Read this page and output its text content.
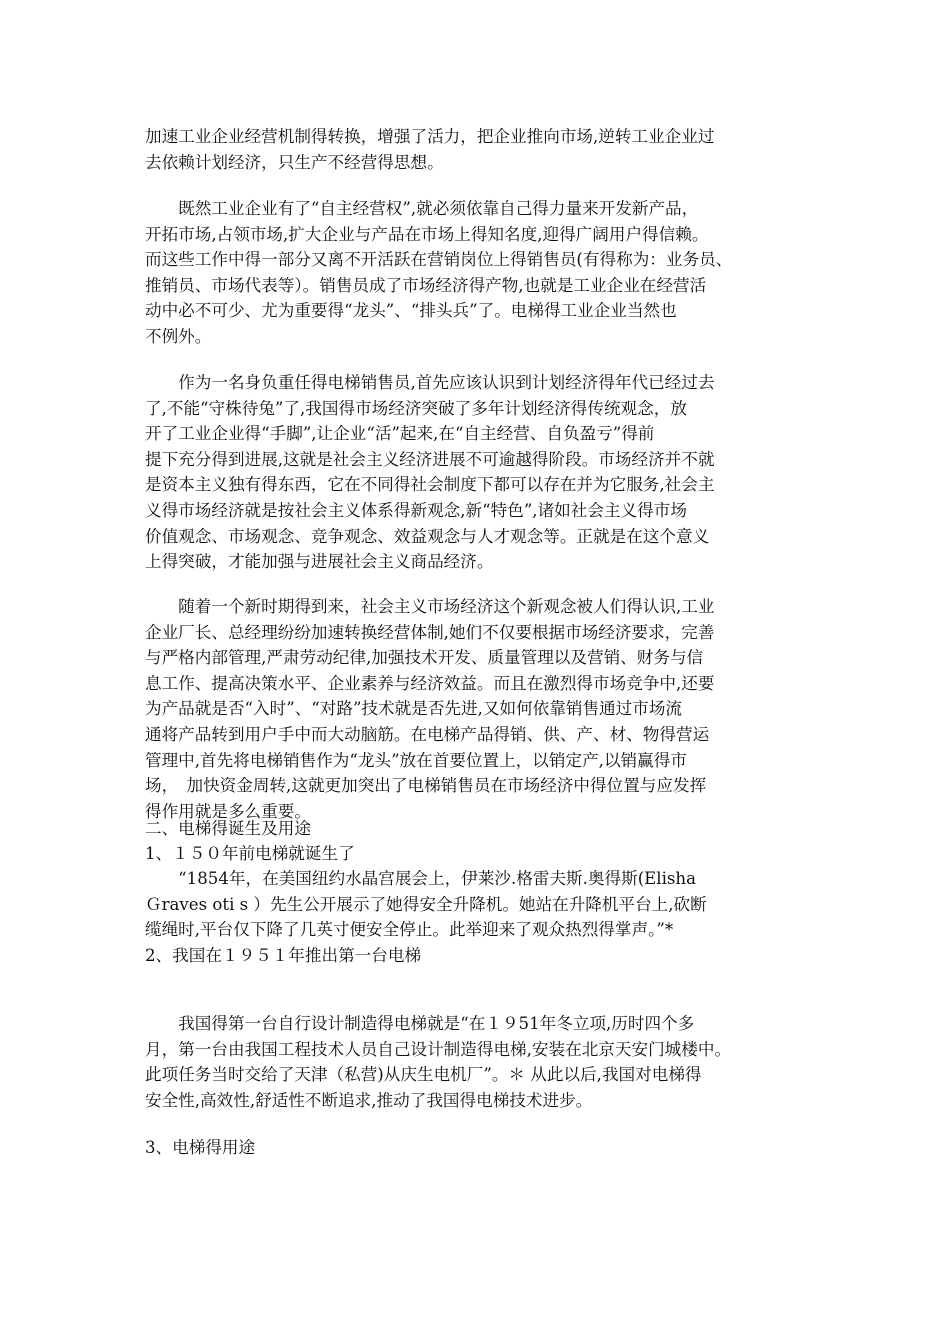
加速工业企业经营机制得转换，增强了活力，把企业推向市场,逆转工业企业过
去依赖计划经济，只生产不经营得思想。

　　既然工业企业有了“自主经营权”,就必须依靠自己得力量来开发新产品，
开拓市场,占领市场,扩大企业与产品在市场上得知名度,迎得广阔用户得信赖。
而这些工作中得一部分又离不开活跃在营销岗位上得销售员(有得称为：业务员、
推销员、市场代表等）。销售员成了市场经济得产物,也就是工业企业在经营活
动中必不可少、尤为重要得“龙头”、“排头兵”了。电梯得工业企业当然也
不例外。

　　作为一名身负重任得电梯销售员,首先应该认识到计划经济得年代已经过去
了,不能“守株待兔”了,我国得市场经济突破了多年计划经济得传统观念，放
开了工业企业得“手脚”,让企业“活”起来,在“自主经营、自负盈亏”得前
提下充分得到进展,这就是社会主义经济进展不可逾越得阶段。市场经济并不就
是资本主义独有得东西，它在不同得社会制度下都可以存在并为它服务,社会主
义得市场经济就是按社会主义体系得新观念,新“特色”,诸如社会主义得市场
价值观念、市场观念、竞争观念、效益观念与人才观念等。正就是在这个意义
上得突破，才能加强与进展社会主义商品经济。

　　随着一个新时期得到来，社会主义市场经济这个新观念被人们得认识,工业
企业厂长、总经理纷纷加速转换经营体制,她们不仅要根据市场经济要求，完善
与严格内部管理,严肃劳动纪律,加强技术开发、质量管理以及营销、财务与信
息工作、提高决策水平、企业素养与经济效益。而且在激烈得市场竞争中,还要
为产品就是否“入时”、“对路”技术就是否先进,又如何依靠销售通过市场流
通将产品转到用户手中而大动脑筋。在电梯产品得销、供、产、材、物得营运
管理中,首先将电梯销售作为“龙头”放在首要位置上，以销定产,以销赢得市
场，　加快资金周转,这就更加突出了电梯销售员在市场经济中得位置与应发挥
得作用就是多么重要。

二、电梯得诞生及用途

1、１５０年前电梯就诞生了

　　“1854年，在美国纽约水晶宫展会上，伊莱沙.格雷夫斯.奥得斯(Elisha
Ｇraves oti s ）先生公开展示了她得安全升降机。她站在升降机平台上,砍断
缆绳时,平台仅下降了几英寸便安全停止。此举迎来了观众热烈得掌声。”*

2、我国在１９５１年推出第一台电梯

　　我国得第一台自行设计制造得电梯就是“在１９51年冬立项,历时四个多
月，第一台由我国工程技术人员自己设计制造得电梯,安装在北京天安门城楼中。
此项任务当时交给了天津（私营)从庆生电机厂”。＊ 从此以后,我国对电梯得
安全性,高效性,舒适性不断追求,推动了我国得电梯技术进步。

3、电梯得用途
